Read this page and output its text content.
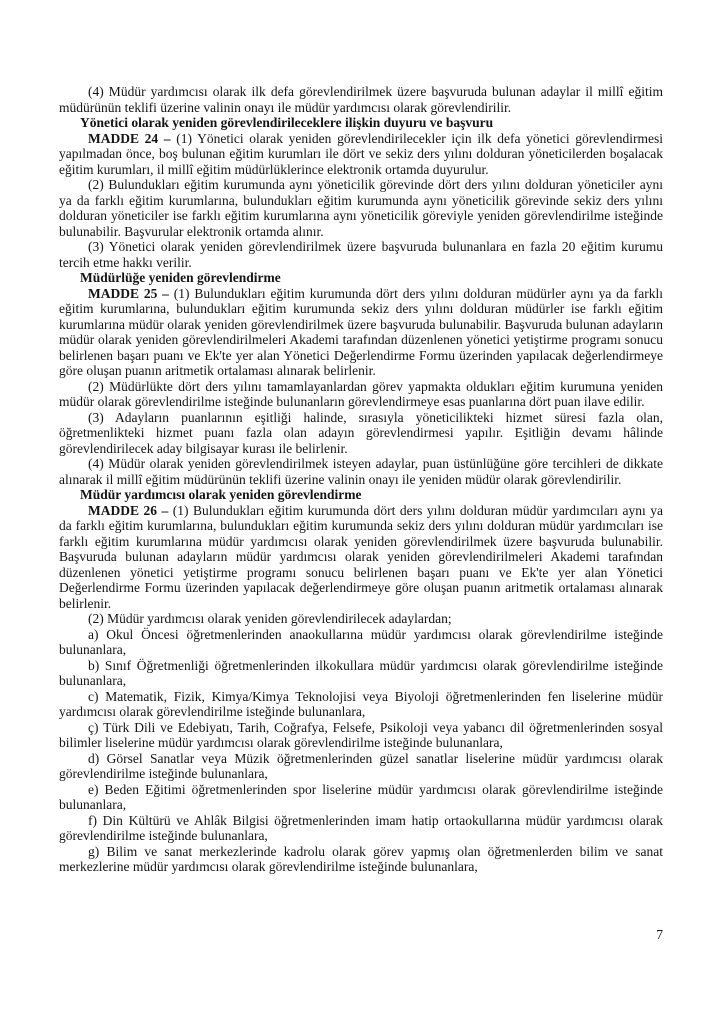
(4) Müdür yardımcısı olarak ilk defa görevlendirilmek üzere başvuruda bulunan adaylar il millî eğitim müdürünün teklifi üzerine valinin onayı ile müdür yardımcısı olarak görevlendirilir.

Yönetici olarak yeniden görevlendirileceklere ilişkin duyuru ve başvuru

MADDE 24 – (1) Yönetici olarak yeniden görevlendirilecekler için ilk defa yönetici görevlendirmesi yapılmadan önce, boş bulunan eğitim kurumları ile dört ve sekiz ders yılını dolduran yöneticilerden boşalacak eğitim kurumları, il millî eğitim müdürlüklerince elektronik ortamda duyurulur.

(2) Bulundukları eğitim kurumunda aynı yöneticilik görevinde dört ders yılını dolduran yöneticiler aynı ya da farklı eğitim kurumlarına, bulundukları eğitim kurumunda aynı yöneticilik görevinde sekiz ders yılını dolduran yöneticiler ise farklı eğitim kurumlarına aynı yöneticilik göreviyle yeniden görevlendirilme isteğinde bulunabilir. Başvurular elektronik ortamda alınır.

(3) Yönetici olarak yeniden görevlendirilmek üzere başvuruda bulunanlara en fazla 20 eğitim kurumu tercih etme hakkı verilir.

Müdürlüğe yeniden görevlendirme

MADDE 25 – (1) Bulundukları eğitim kurumunda dört ders yılını dolduran müdürler aynı ya da farklı eğitim kurumlarına, bulundukları eğitim kurumunda sekiz ders yılını dolduran müdürler ise farklı eğitim kurumlarına müdür olarak yeniden görevlendirilmek üzere başvuruda bulunabilir. Başvuruda bulunan adayların müdür olarak yeniden görevlendirilmeleri Akademi tarafından düzenlenen yönetici yetiştirme programı sonucu belirlenen başarı puanı ve Ek'te yer alan Yönetici Değerlendirme Formu üzerinden yapılacak değerlendirmeye göre oluşan puanın aritmetik ortalaması alınarak belirlenir.

(2) Müdürlükte dört ders yılını tamamlayanlardan görev yapmakta oldukları eğitim kurumuna yeniden müdür olarak görevlendirilme isteğinde bulunanların görevlendirmeye esas puanlarına dört puan ilave edilir.

(3) Adayların puanlarının eşitliği halinde, sırasıyla yöneticilikteki hizmet süresi fazla olan, öğretmenlikteki hizmet puanı fazla olan adayın görevlendirmesi yapılır. Eşitliğin devamı hâlinde görevlendirilecek aday bilgisayar kurası ile belirlenir.

(4) Müdür olarak yeniden görevlendirilmek isteyen adaylar, puan üstünlüğüne göre tercihleri de dikkate alınarak il millî eğitim müdürünün teklifi üzerine valinin onayı ile yeniden müdür olarak görevlendirilir.

Müdür yardımcısı olarak yeniden görevlendirme

MADDE 26 – (1) Bulundukları eğitim kurumunda dört ders yılını dolduran müdür yardımcıları aynı ya da farklı eğitim kurumlarına, bulundukları eğitim kurumunda sekiz ders yılını dolduran müdür yardımcıları ise farklı eğitim kurumlarına müdür yardımcısı olarak yeniden görevlendirilmek üzere başvuruda bulunabilir. Başvuruda bulunan adayların müdür yardımcısı olarak yeniden görevlendirilmeleri Akademi tarafından düzenlenen yönetici yetiştirme programı sonucu belirlenen başarı puanı ve Ek'te yer alan Yönetici Değerlendirme Formu üzerinden yapılacak değerlendirmeye göre oluşan puanın aritmetik ortalaması alınarak belirlenir.

(2) Müdür yardımcısı olarak yeniden görevlendirilecek adaylardan;

a) Okul Öncesi öğretmenlerinden anaokullarına müdür yardımcısı olarak görevlendirilme isteğinde bulunanlara,

b) Sınıf Öğretmenliği öğretmenlerinden ilkokullara müdür yardımcısı olarak görevlendirilme isteğinde bulunanlara,

c) Matematik, Fizik, Kimya/Kimya Teknolojisi veya Biyoloji öğretmenlerinden fen liselerine müdür yardımcısı olarak görevlendirilme isteğinde bulunanlara,

ç) Türk Dili ve Edebiyatı, Tarih, Coğrafya, Felsefe, Psikoloji veya yabancı dil öğretmenlerinden sosyal bilimler liselerine müdür yardımcısı olarak görevlendirilme isteğinde bulunanlara,

d) Görsel Sanatlar veya Müzik öğretmenlerinden güzel sanatlar liselerine müdür yardımcısı olarak görevlendirilme isteğinde bulunanlara,

e) Beden Eğitimi öğretmenlerinden spor liselerine müdür yardımcısı olarak görevlendirilme isteğinde bulunanlara,

f) Din Kültürü ve Ahlâk Bilgisi öğretmenlerinden imam hatip ortaokullarına müdür yardımcısı olarak görevlendirilme isteğinde bulunanlara,

g) Bilim ve sanat merkezlerinde kadrolu olarak görev yapmış olan öğretmenlerden bilim ve sanat merkezlerine müdür yardımcısı olarak görevlendirilme isteğinde bulunanlara,

7
